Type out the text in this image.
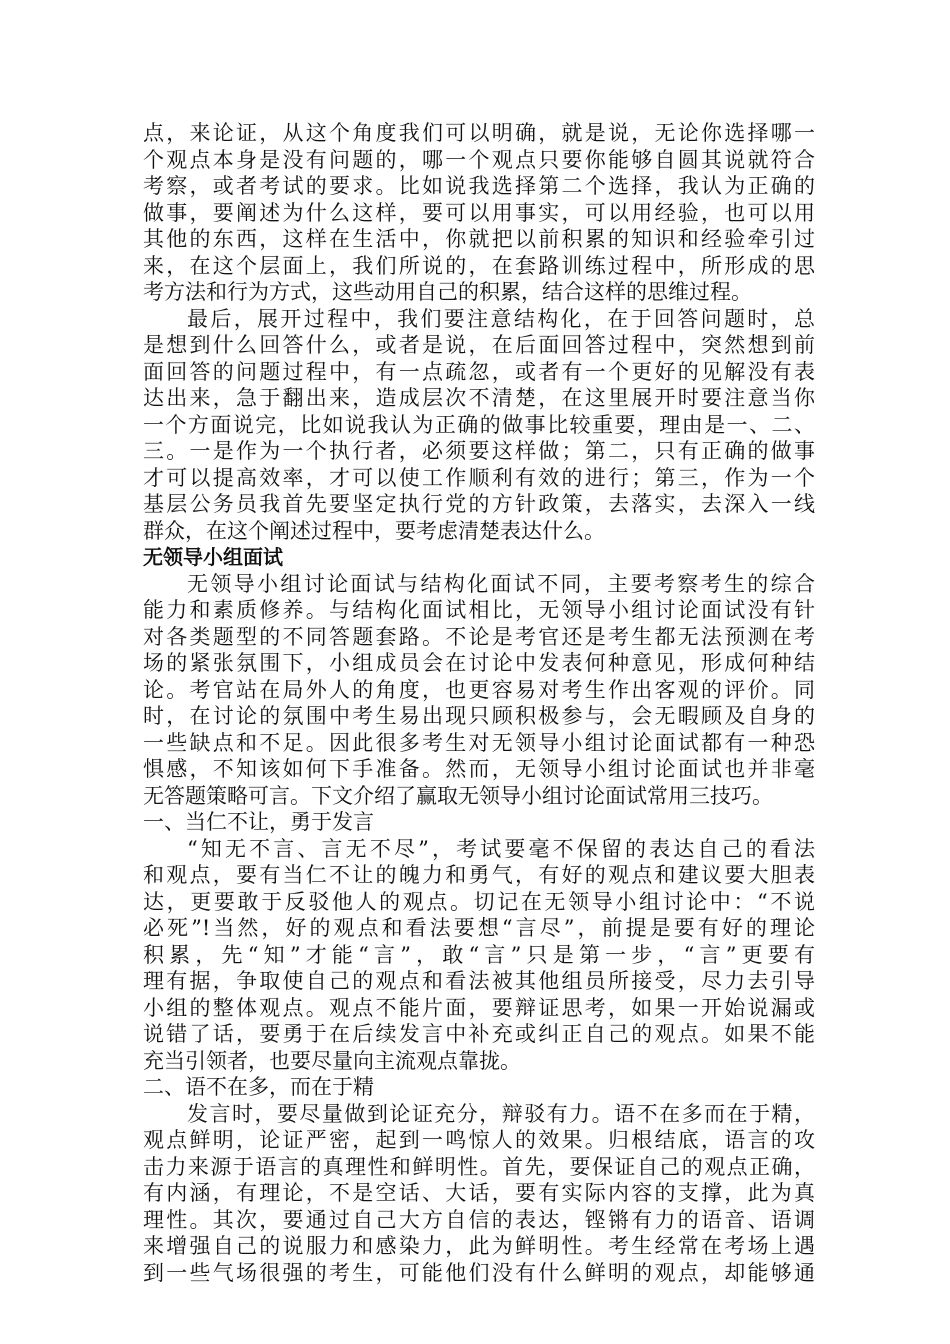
点，来论证，从这个角度我们可以明确，就是说，无论你选择哪一
个观点本身是没有问题的，哪一个观点只要你能够自圆其说就符合
考察，或者考试的要求。比如说我选择第二个选择，我认为正确的
做事，要阐述为什么这样，要可以用事实，可以用经验，也可以用
其他的东西，这样在生活中，你就把以前积累的知识和经验牵引过
来，在这个层面上，我们所说的，在套路训练过程中，所形成的思
考方法和行为方式，这些动用自己的积累，结合这样的思维过程。
最后，展开过程中，我们要注意结构化，在于回答问题时，总
是想到什么回答什么，或者是说，在后面回答过程中，突然想到前
面回答的问题过程中，有一点疏忽，或者有一个更好的见解没有表
达出来，急于翻出来，造成层次不清楚，在这里展开时要注意当你
一个方面说完，比如说我认为正确的做事比较重要，理由是一、二、
三。一是作为一个执行者，必须要这样做；第二，只有正确的做事
才可以提高效率，才可以使工作顺利有效的进行；第三，作为一个
基层公务员我首先要坚定执行党的方针政策，去落实，去深入一线
群众，在这个阐述过程中，要考虑清楚表达什么。
无领导小组面试
无领导小组讨论面试与结构化面试不同，主要考察考生的综合
能力和素质修养。与结构化面试相比，无领导小组讨论面试没有针
对各类题型的不同答题套路。不论是考官还是考生都无法预测在考
场的紧张氛围下，小组成员会在讨论中发表何种意见，形成何种结
论。考官站在局外人的角度，也更容易对考生作出客观的评价。同
时，在讨论的氛围中考生易出现只顾积极参与，会无暇顾及自身的
一些缺点和不足。因此很多考生对无领导小组讨论面试都有一种恐
惧感，不知该如何下手准备。然而，无领导小组讨论面试也并非毫
无答题策略可言。下文介绍了赢取无领导小组讨论面试常用三技巧。
一、当仁不让，勇于发言
“知无不言、言无不尽”，考试要毫不保留的表达自己的看法
和观点，要有当仁不让的魄力和勇气，有好的观点和建议要大胆表
达，更要敢于反驳他人的观点。切记在无领导小组讨论中：“不说
必死”!当然，好的观点和看法要想“言尽”，前提是要有好的理论
积累，先“知”才能“言”，敢“言”只是第一步，“言”更要有
理有据，争取使自己的观点和看法被其他组员所接受，尽力去引导
小组的整体观点。观点不能片面，要辩证思考，如果一开始说漏或
说错了话，要勇于在后续发言中补充或纠正自己的观点。如果不能
充当引领者，也要尽量向主流观点靠拢。
二、语不在多，而在于精
发言时，要尽量做到论证充分，辩驳有力。语不在多而在于精，
观点鲜明，论证严密，起到一鸣惊人的效果。归根结底，语言的攻
击力来源于语言的真理性和鲜明性。首先，要保证自己的观点正确，
有内涵，有理论，不是空话、大话，要有实际内容的支撑，此为真
理性。其次，要通过自己大方自信的表达，铿锵有力的语音、语调
来增强自己的说服力和感染力，此为鲜明性。考生经常在考场上遇
到一些气场很强的考生，可能他们没有什么鲜明的观点，却能够通
